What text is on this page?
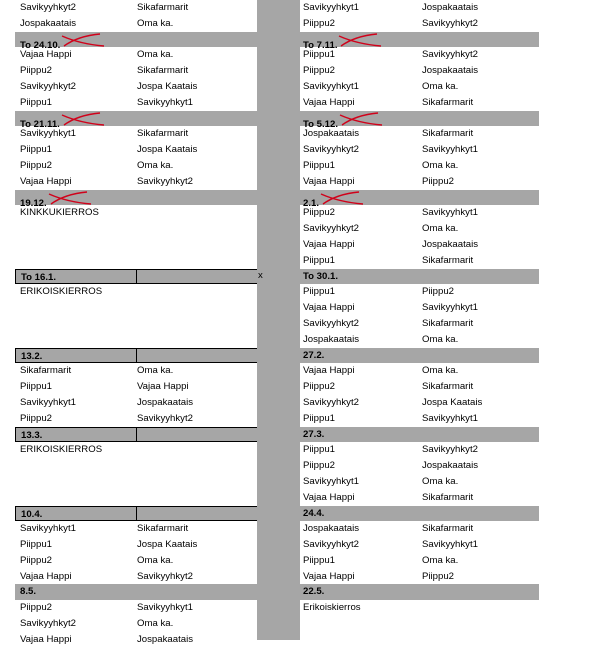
x
Savikyyhkyt2	Sikafarmarit
Jospakaatais	Oma ka.
To 24.10.
Vajaa Happi	Oma ka.
Piippu2	Sikafarmarit
Savikyyhkyt2	Jospa Kaatais
Piippu1	Savikyyhkyt1
To 21.11.
Savikyyhkyt1	Sikafarmarit
Piippu1	Jospa Kaatais
Piippu2	Oma ka.
Vajaa Happi	Savikyyhkyt2
19.12.
KINKKUKIERROS
To 16.1.
ERIKOISKIERROS
13.2.
Sikafarmarit	Oma ka.
Piippu1	Vajaa Happi
Savikyyhkyt1	Jospakaatais
Piippu2	Savikyyhkyt2
13.3.
ERIKOISKIERROS
10.4.
Savikyyhkyt1	Sikafarmarit
Piippu1	Jospa Kaatais
Piippu2	Oma ka.
Vajaa Happi	Savikyyhkyt2
8.5.
Piippu2	Savikyyhkyt1
Savikyyhkyt2	Oma ka.
Vajaa Happi	Jospakaatais
Savikyyhkyt1	Jospakaatais
Piippu2	Savikyyhkyt2
To 7.11.
Piippu1	Savikyyhkyt2
Piippu2	Jospakaatais
Savikyyhkyt1	Oma ka.
Vajaa Happi	Sikafarmarit
To 5.12.
Jospakaatais	Sikafarmarit
Savikyyhkyt2	Savikyyhkyt1
Piippu1	Oma ka.
Vajaa Happi	Piippu2
2.1.
Piippu2	Savikyyhkyt1
Savikyyhkyt2	Oma ka.
Vajaa Happi	Jospakaatais
Piippu1	Sikafarmarit
To 30.1.
Piippu1	Piippu2
Vajaa Happi	Savikyyhkyt1
Savikyyhkyt2	Sikafarmarit
Jospakaatais	Oma ka.
27.2.
Vajaa Happi	Oma ka.
Piippu2	Sikafarmarit
Savikyyhkyt2	Jospa Kaatais
Piippu1	Savikyyhkyt1
27.3.
Piippu1	Savikyyhkyt2
Piippu2	Jospakaatais
Savikyyhkyt1	Oma ka.
Vajaa Happi	Sikafarmarit
24.4.
Jospakaatais	Sikafarmarit
Savikyyhkyt2	Savikyyhkyt1
Piippu1	Oma ka.
Vajaa Happi	Piippu2
22.5.
Erikoiskierros
